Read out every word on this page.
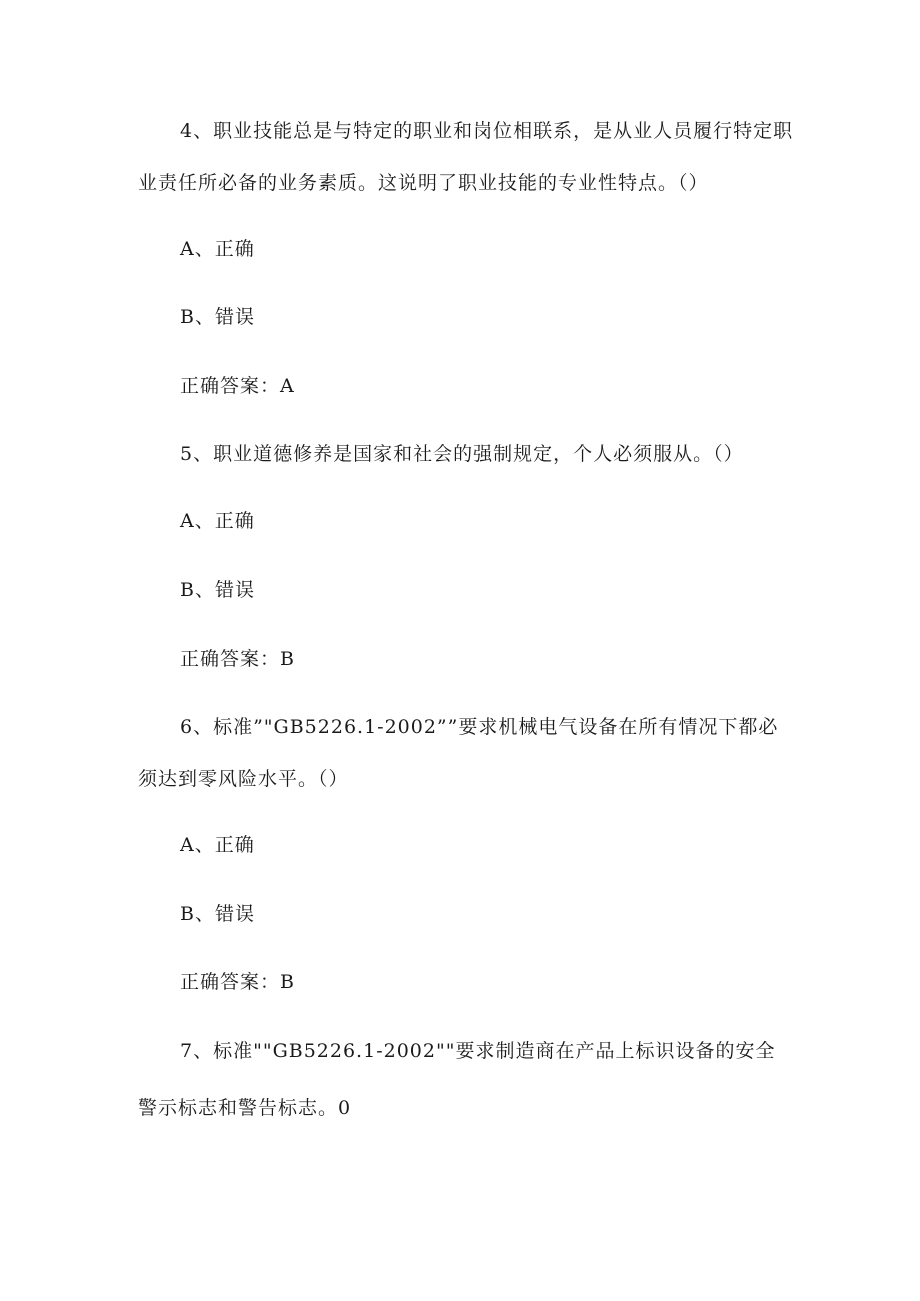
4、职业技能总是与特定的职业和岗位相联系，是从业人员履行特定职
业责任所必备的业务素质。这说明了职业技能的专业性特点。（）
A、正确
B、错误
正确答案：A
5、职业道德修养是国家和社会的强制规定，个人必须服从。（）
A、正确
B、错误
正确答案：B
6、标准”"GB5226.1-2002””要求机械电气设备在所有情况下都必
须达到零风险水平。（）
A、正确
B、错误
正确答案：B
7、标准""GB5226.1-2002""要求制造商在产品上标识设备的安全
警示标志和警告标志。0
